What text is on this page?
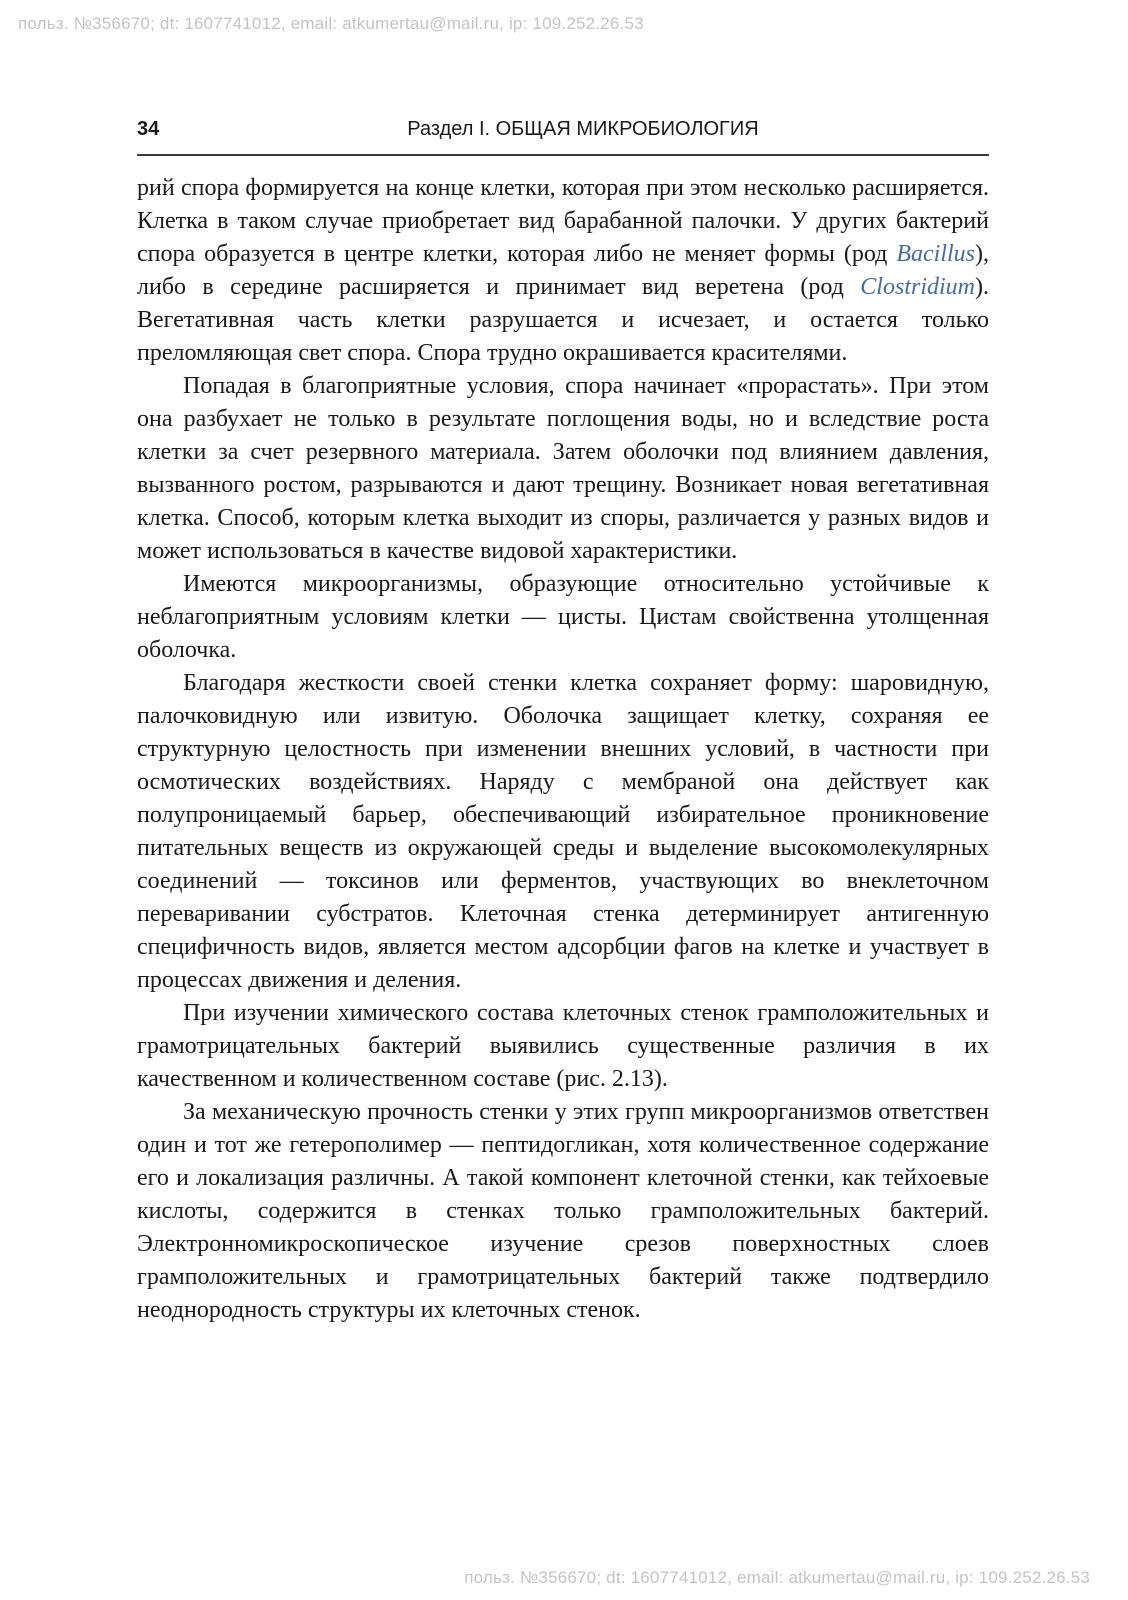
польз. №356670; dt: 1607741012, email: atkumertau@mail.ru, ip: 109.252.26.53
34	Раздел I. ОБЩАЯ МИКРОБИОЛОГИЯ

рий спора формируется на конце клетки, которая при этом несколько расширяется. Клетка в таком случае приобретает вид барабанной палочки. У других бактерий спора образуется в центре клетки, которая либо не меняет формы (род Bacillus), либо в середине расширяется и принимает вид веретена (род Clostridium). Вегетативная часть клетки разрушается и исчезает, и остается только преломляющая свет спора. Спора трудно окрашивается красителями.

Попадая в благоприятные условия, спора начинает «прорастать». При этом она разбухает не только в результате поглощения воды, но и вследствие роста клетки за счет резервного материала. Затем оболочки под влиянием давления, вызванного ростом, разрываются и дают трещину. Возникает новая вегетативная клетка. Способ, которым клетка выходит из споры, различается у разных видов и может использоваться в качестве видовой характеристики.

Имеются микроорганизмы, образующие относительно устойчивые к неблагоприятным условиям клетки — цисты. Цистам свойственна утолщенная оболочка.

Благодаря жесткости своей стенки клетка сохраняет форму: шаровидную, палочковидную или извитую. Оболочка защищает клетку, сохраняя ее структурную целостность при изменении внешних условий, в частности при осмотических воздействиях. Наряду с мембраной она действует как полупроницаемый барьер, обеспечивающий избирательное проникновение питательных веществ из окружающей среды и выделение высокомолекулярных соединений — токсинов или ферментов, участвующих во внеклеточном переваривании субстратов. Клеточная стенка детерминирует антигенную специфичность видов, является местом адсорбции фагов на клетке и участвует в процессах движения и деления.

При изучении химического состава клеточных стенок грамположительных и грамотрицательных бактерий выявились существенные различия в их качественном и количественном составе (рис. 2.13).

За механическую прочность стенки у этих групп микроорганизмов ответствен один и тот же гетерополимер — пептидогликан, хотя количественное содержание его и локализация различны. А такой компонент клеточной стенки, как тейхоевые кислоты, содержится в стенках только грамположительных бактерий. Электронномикроскопическое изучение срезов поверхностных слоев грамположительных и грамотрицательных бактерий также подтвердило неоднородность структуры их клеточных стенок.

польз. №356670; dt: 1607741012, email: atkumertau@mail.ru, ip: 109.252.26.53
